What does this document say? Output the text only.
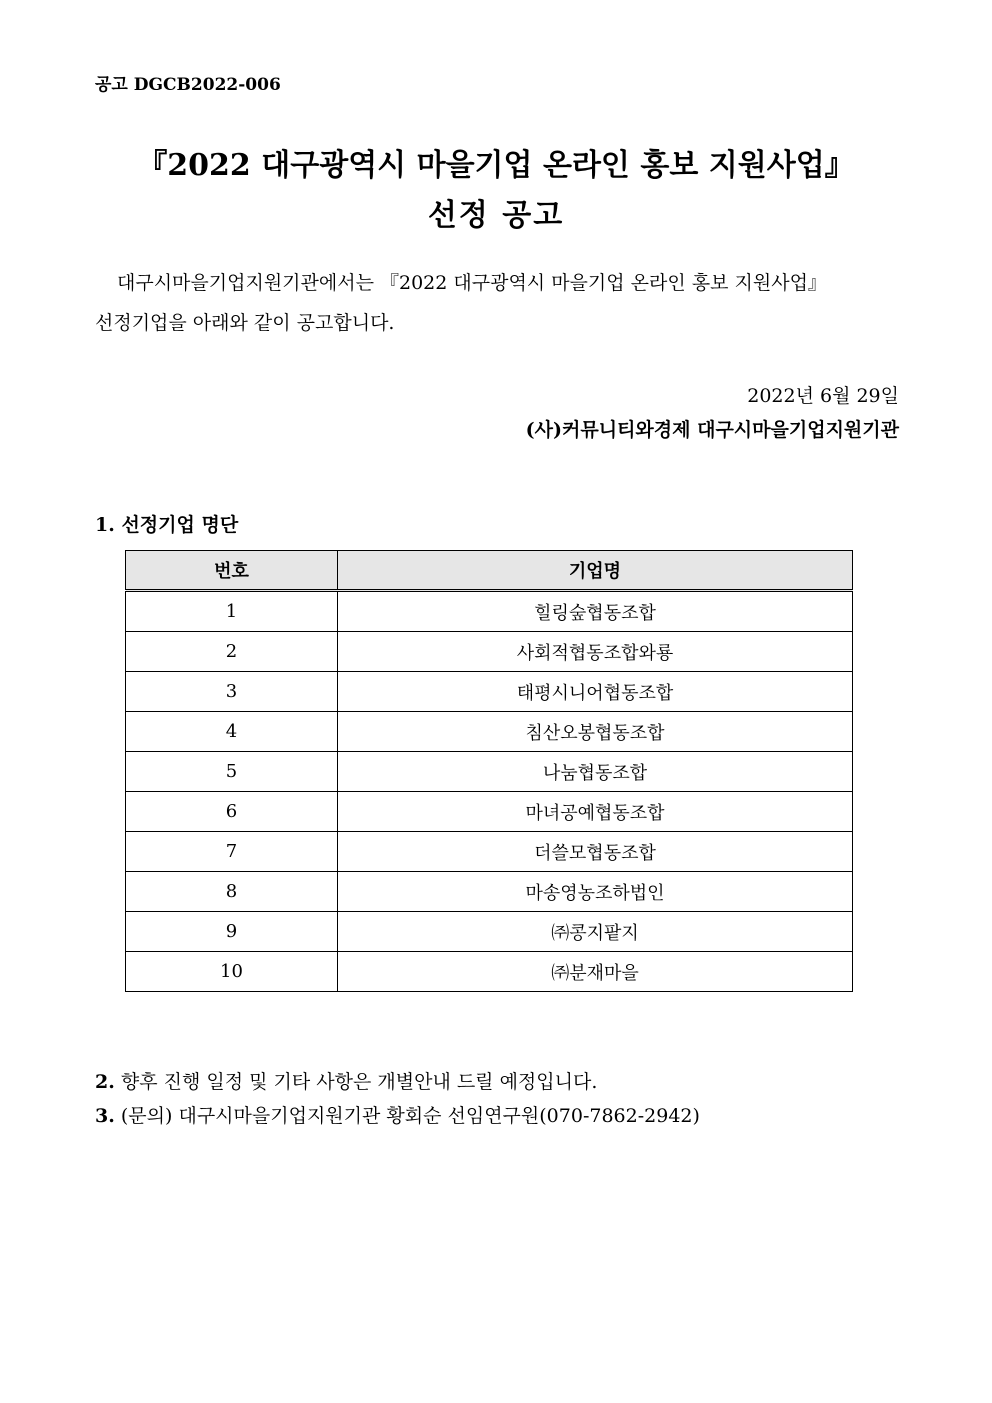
공고 DGCB2022-006
『2022 대구광역시 마을기업 온라인 홍보 지원사업』
선정 공고
대구시마을기업지원기관에서는 『2022 대구광역시 마을기업 온라인 홍보 지원사업』
선정기업을 아래와 같이 공고합니다.
2022년 6월 29일
(사)커뮤니티와경제 대구시마을기업지원기관
1. 선정기업 명단
번호	기업명
1	힐링숲협동조합
2	사회적협동조합와룡
3	태평시니어협동조합
4	침산오봉협동조합
5	나눔협동조합
6	마녀공예협동조합
7	더쓸모협동조합
8	마송영농조하법인
9	㈜콩지팥지
10	㈜분재마을
2. 향후 진행 일정 및 기타 사항은 개별안내 드릴 예정입니다.
3. (문의) 대구시마을기업지원기관 황회순 선임연구원(070-7862-2942)
